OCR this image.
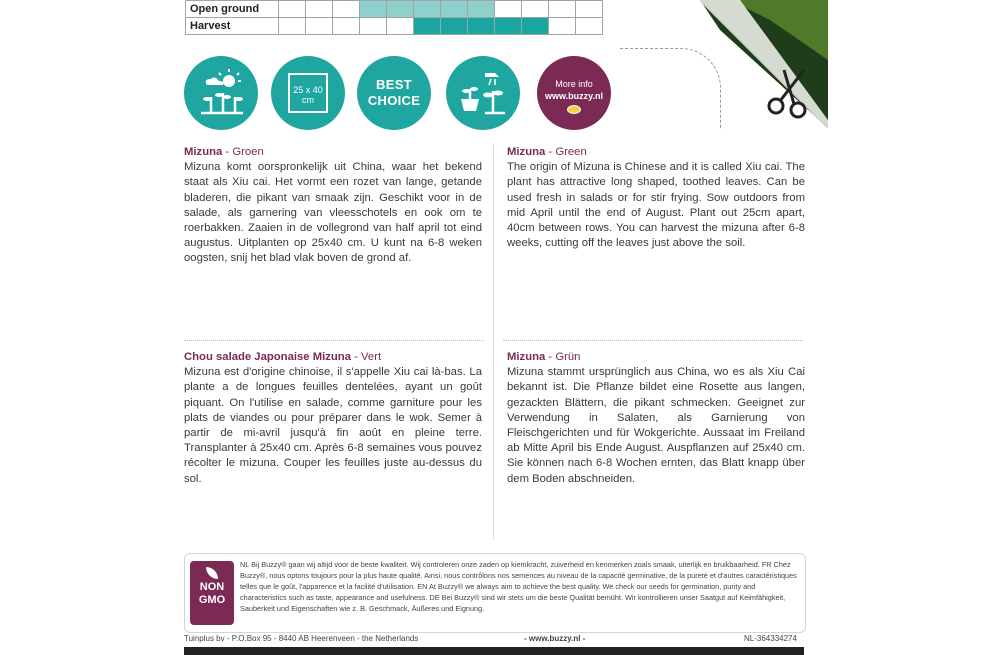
Open ground												
Harvest												
25 x 40
cm
BEST
CHOICE
More info
www.buzzy.nl
Mizuna - Groen

Mizuna komt oorspronkelijk uit China, waar het bekend staat als Xiu cai. Het vormt een rozet van lange, getande bladeren, die pikant van smaak zijn. Geschikt voor in de salade, als garnering van vleesschotels en ook om te roerbakken. Zaaien in de vollegrond van half april tot eind augustus. Uitplanten op 25x40 cm. U kunt na 6-8 weken oogsten, snij het blad vlak boven de grond af.

Mizuna - Green

The origin of Mizuna is Chinese and it is called Xiu cai. The plant has attractive long shaped, toothed leaves. Can be used fresh in salads or for stir frying. Sow outdoors from mid April until the end of August. Plant out 25cm apart, 40cm between rows. You can harvest the mizuna after 6-8 weeks, cutting off the leaves just above the soil.

Chou salade Japonaise Mizuna - Vert

Mizuna est d'origine chinoise, il s'appelle Xiu cai là-bas. La plante a de longues feuilles dentelées, ayant un goût piquant. On l'utilise en salade, comme garniture pour les plats de viandes ou pour préparer dans le wok. Semer à partir de mi-avril jusqu'à fin août en pleine terre. Transplanter à 25x40 cm. Après 6-8 semaines vous pouvez récolter le mizuna. Couper les feuilles juste au-dessus du sol.

Mizuna - Grün

Mizuna stammt ursprünglich aus China, wo es als Xiu Cai bekannt ist. Die Pflanze bildet eine Rosette aus langen, gezackten Blättern, die pikant schmecken. Geeignet zur Verwendung in Salaten, als Garnierung von Fleischgerichten und für Wokgerichte. Aussaat im Freiland ab Mitte April bis Ende August. Auspflanzen auf 25x40 cm. Sie können nach 6-8 Wochen ernten, das Blatt knapp über dem Boden abschneiden.

NON
GMO
NL Bij Buzzy® gaan wij altijd voor de beste kwaliteit. Wij controleren onze zaden op kiemkracht, zuiverheid en kenmerken zoals smaak, uiterlijk en bruikbaarheid. FR Chez Buzzy®, nous optons toujours pour la plus haute qualité. Ainsi, nous contrôlons nos semences au niveau de la capacité germinative, de la pureté et d'autres caractéristiques telles que le goût, l'apparence et la facilité d'utilisation. EN At Buzzy® we always aim to achieve the best quality. We check our seeds for germination, purity and characteristics such as taste, appearance and usefulness. DE Bei Buzzy® sind wir stets um die beste Qualität bemüht. Wir kontrollieren unser Saatgut auf Keimfähigkeit, Sauberkeit und Eigenschaften wie z. B. Geschmack, Äußeres und Eignung.
Tuinplus bv - P.O.Box 95 - 8440 AB Heerenveen - the Netherlands	- www.buzzy.nl -	NL-364334274
